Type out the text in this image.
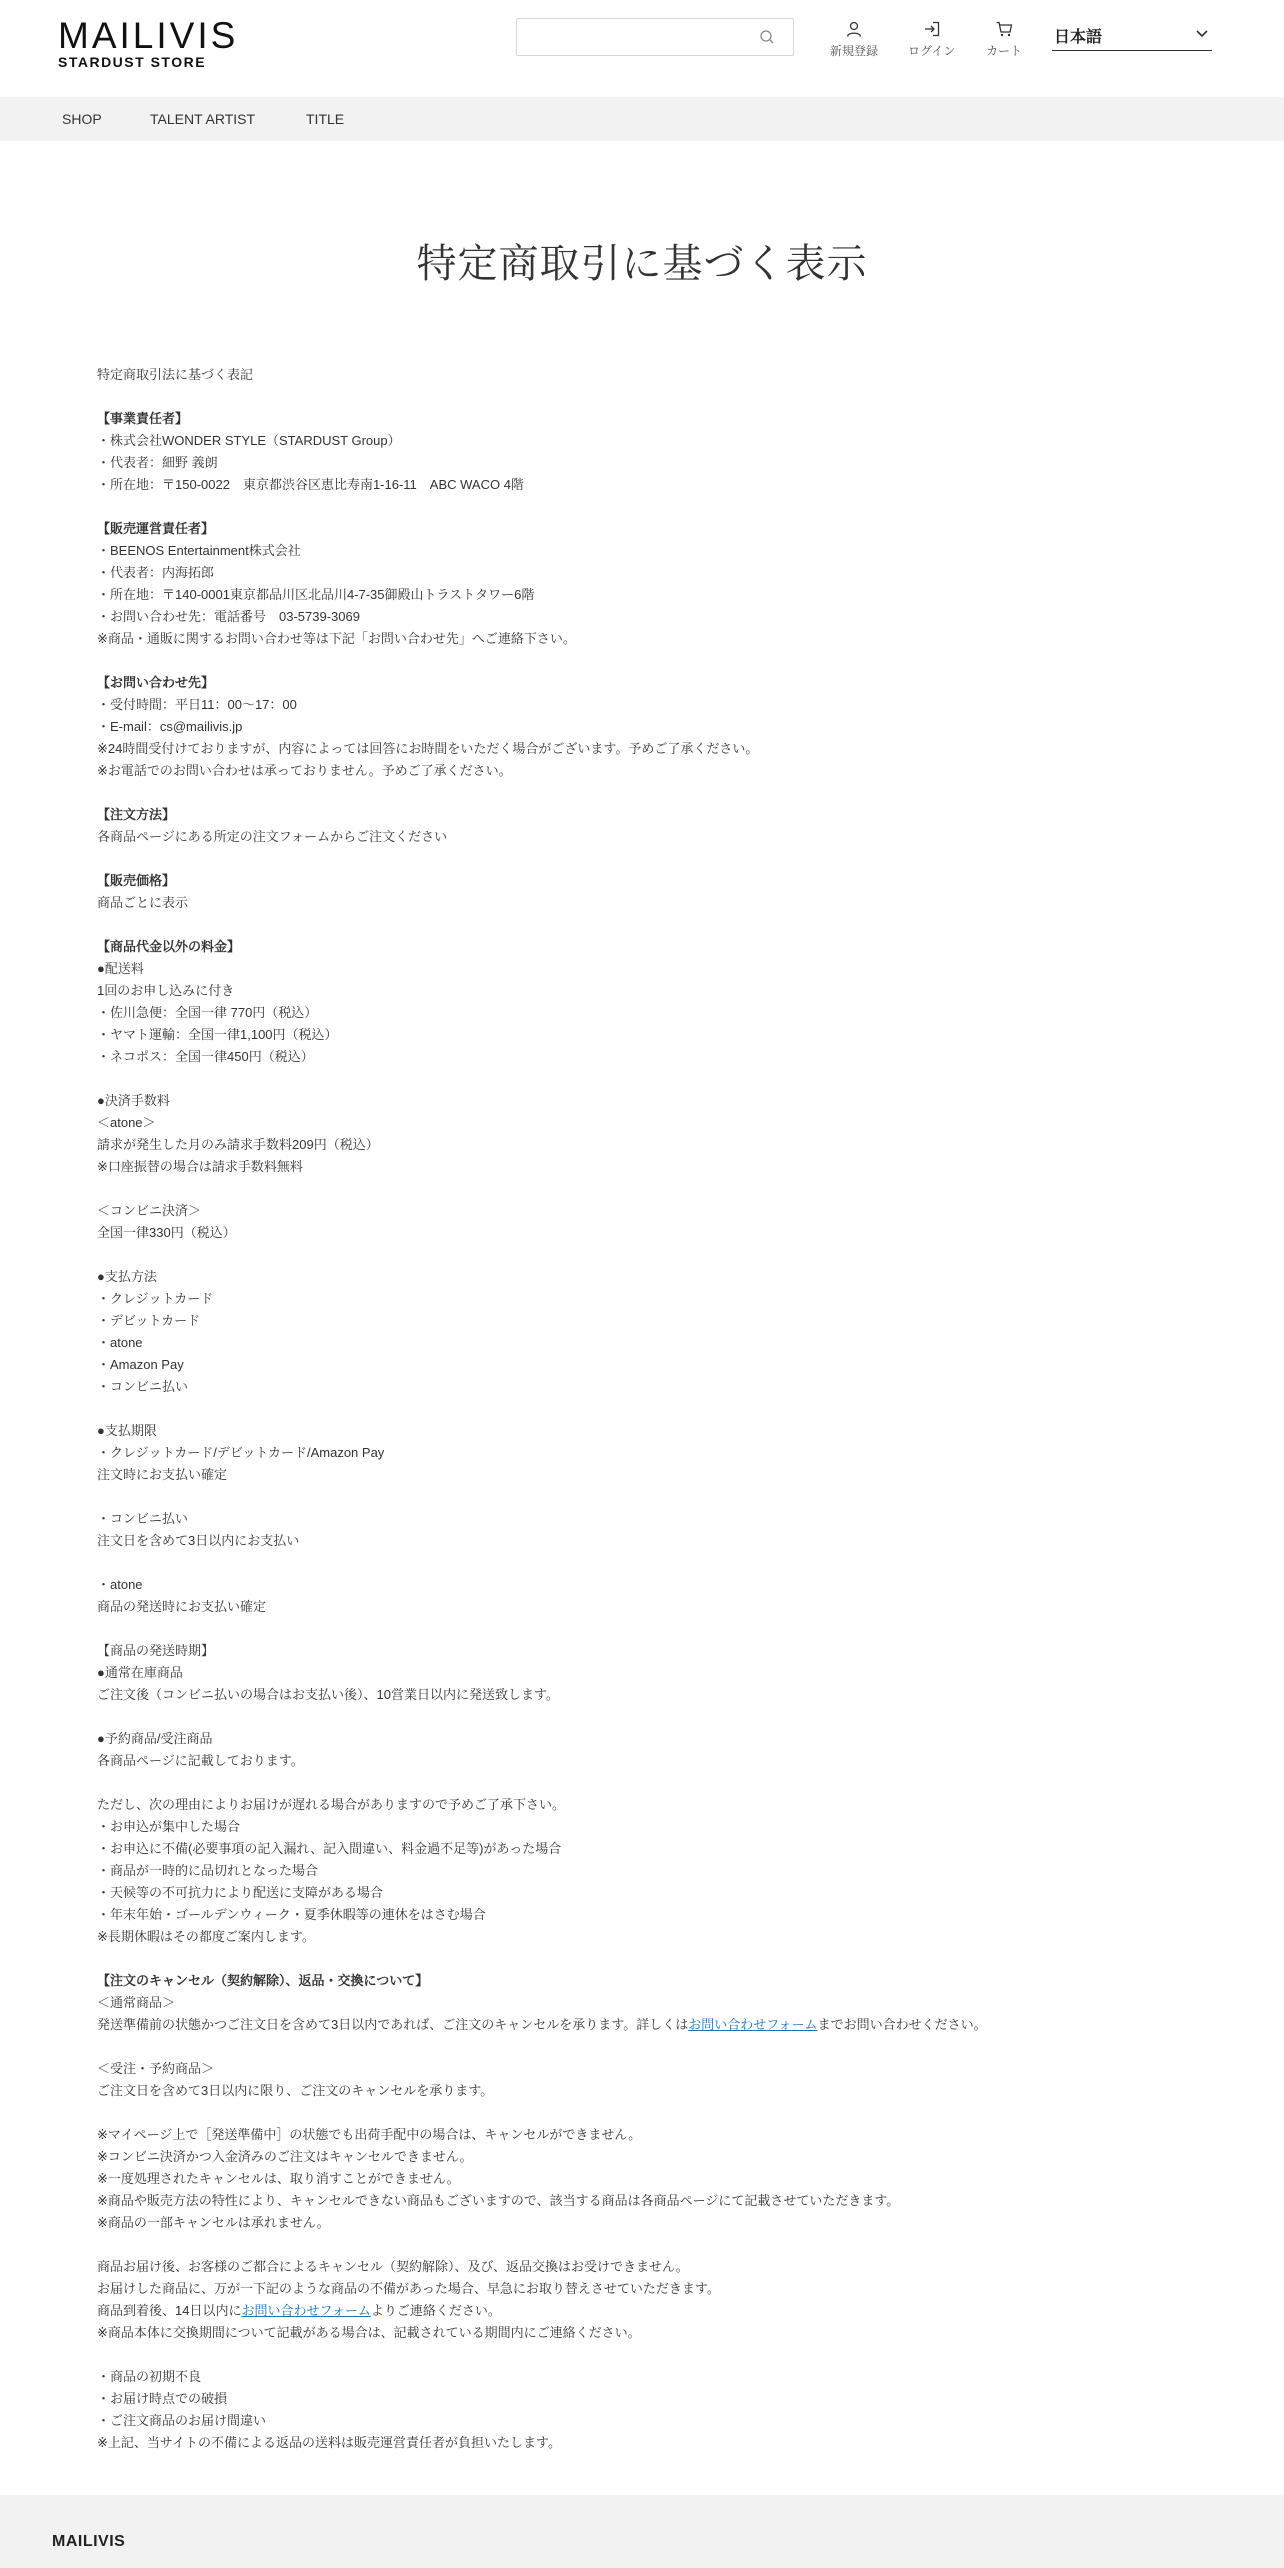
MAILIVIS
STARDUST STORE
新規登録 ログイン	カート
日本語
SHOP	TALENT ARTIST	TITLE
特定商取引に基づく表示
特定商取引法に基づく表記
【事業責任者】
・株式会社WONDER STYLE（STARDUST Group）
・代表者：細野 義朗
・所在地：〒150-0022　東京都渋谷区恵比寿南1-16-11　ABC WACO 4階
【販売運営責任者】
・BEENOS Entertainment株式会社
・代表者：内海拓郎
・所在地：〒140-0001東京都品川区北品川4-7-35御殿山トラストタワー6階
・お問い合わせ先：電話番号　03-5739-3069
※商品・通販に関するお問い合わせ等は下記「お問い合わせ先」へご連絡下さい。
【お問い合わせ先】
・受付時間：平日11：00～17：00
・E-mail：cs@mailivis.jp
※24時間受付けておりますが、内容によっては回答にお時間をいただく場合がございます。予めご了承ください。
※お電話でのお問い合わせは承っておりません。予めご了承ください。
【注文方法】
各商品ページにある所定の注文フォームからご注文ください
【販売価格】
商品ごとに表示
【商品代金以外の料金】
●配送料
1回のお申し込みに付き
・佐川急便：全国一律 770円（税込）
・ヤマト運輸：全国一律1,100円（税込）
・ネコポス：全国一律450円（税込）
●決済手数料
＜atone＞
請求が発生した月のみ請求手数料209円（税込）
※口座振替の場合は請求手数料無料
＜コンビニ決済＞
全国一律330円（税込）
●支払方法
・クレジットカード
・デビットカード
・atone
・Amazon Pay
・コンビニ払い
●支払期限
・クレジットカード/デビットカード/Amazon Pay
注文時にお支払い確定
・コンビニ払い
注文日を含めて3日以内にお支払い
・atone
商品の発送時にお支払い確定
【商品の発送時期】
●通常在庫商品
ご注文後（コンビニ払いの場合はお支払い後）、10営業日以内に発送致します。
●予約商品/受注商品
各商品ページに記載しております。
ただし、次の理由によりお届けが遅れる場合がありますので予めご了承下さい。
・お申込が集中した場合
・お申込に不備(必要事項の記入漏れ、記入間違い、料金過不足等)があった場合
・商品が一時的に品切れとなった場合
・天候等の不可抗力により配送に支障がある場合
・年末年始・ゴールデンウィーク・夏季休暇等の連休をはさむ場合
※長期休暇はその都度ご案内します。
【注文のキャンセル（契約解除）、返品・交換について】
＜通常商品＞
発送準備前の状態かつご注文日を含めて3日以内であれば、ご注文のキャンセルを承ります。詳しくはお問い合わせフォームまでお問い合わせください。
＜受注・予約商品＞
ご注文日を含めて3日以内に限り、ご注文のキャンセルを承ります。
※マイページ上で［発送準備中］の状態でも出荷手配中の場合は、キャンセルができません。
※コンビニ決済かつ入金済みのご注文はキャンセルできません。
※一度処理されたキャンセルは、取り消すことができません。
※商品や販売方法の特性により、キャンセルできない商品もございますので、該当する商品は各商品ページにて記載させていただきます。
※商品の一部キャンセルは承れません。
商品お届け後、お客様のご都合によるキャンセル（契約解除）、及び、返品交換はお受けできません。
お届けした商品に、万が一下記のような商品の不備があった場合、早急にお取り替えさせていただきます。
商品到着後、14日以内にお問い合わせフォームよりご連絡ください。
※商品本体に交換期間について記載がある場合は、記載されている期間内にご連絡ください。
・商品の初期不良
・お届け時点での破損
・ご注文商品のお届け間違い
※上記、当サイトの不備による返品の送料は販売運営責任者が負担いたします。
MAILIVIS
